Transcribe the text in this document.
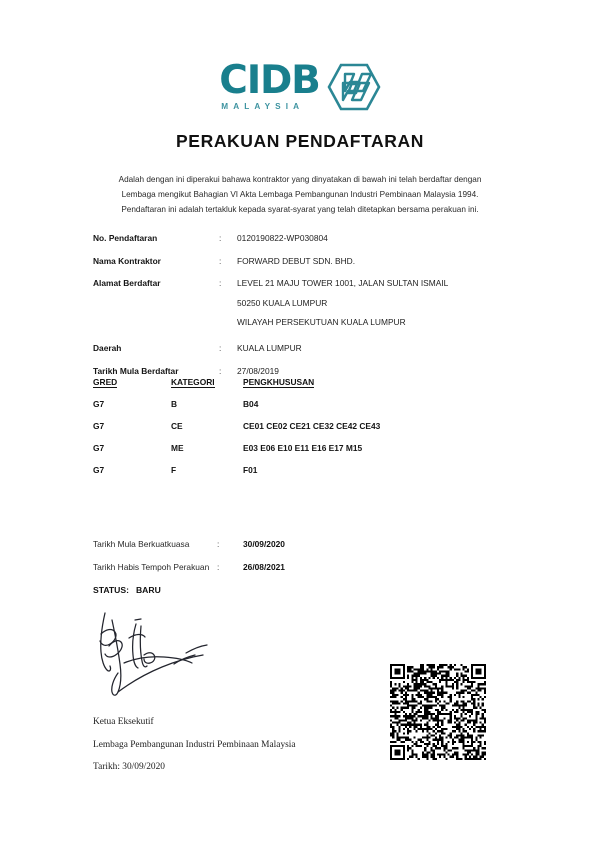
CIDB
MALAYSIA
PERAKUAN PENDAFTARAN
Adalah dengan ini diperakui bahawa kontraktor yang dinyatakan di bawah ini telah berdaftar dengan
Lembaga mengikut Bahagian VI Akta Lembaga Pembangunan Industri Pembinaan Malaysia 1994.
Pendaftaran ini adalah tertakluk kepada syarat-syarat yang telah ditetapkan bersama perakuan ini.
No. Pendaftaran	:	0120190822-WP030804
Nama Kontraktor	:	FORWARD DEBUT SDN. BHD.
Alamat Berdaftar	:	LEVEL 21 MAJU TOWER 1001, JALAN SULTAN ISMAIL
50250 KUALA LUMPUR
WILAYAH PERSEKUTUAN KUALA LUMPUR
Daerah	:	KUALA LUMPUR
Tarikh Mula Berdaftar	:	27/08/2019
GRED	KATEGORI	PENGKHUSUSAN
G7	B	B04
G7	CE	CE01 CE02 CE21 CE32 CE42 CE43
G7	ME	E03 E06 E10 E11 E16 E17 M15
G7	F	F01
Tarikh Mula Berkuatkuasa	:	30/09/2020
Tarikh Habis Tempoh Perakuan :	26/08/2021
STATUS: BARU
Ketua Eksekutif
Lembaga Pembangunan Industri Pembinaan Malaysia
Tarikh: 30/09/2020
